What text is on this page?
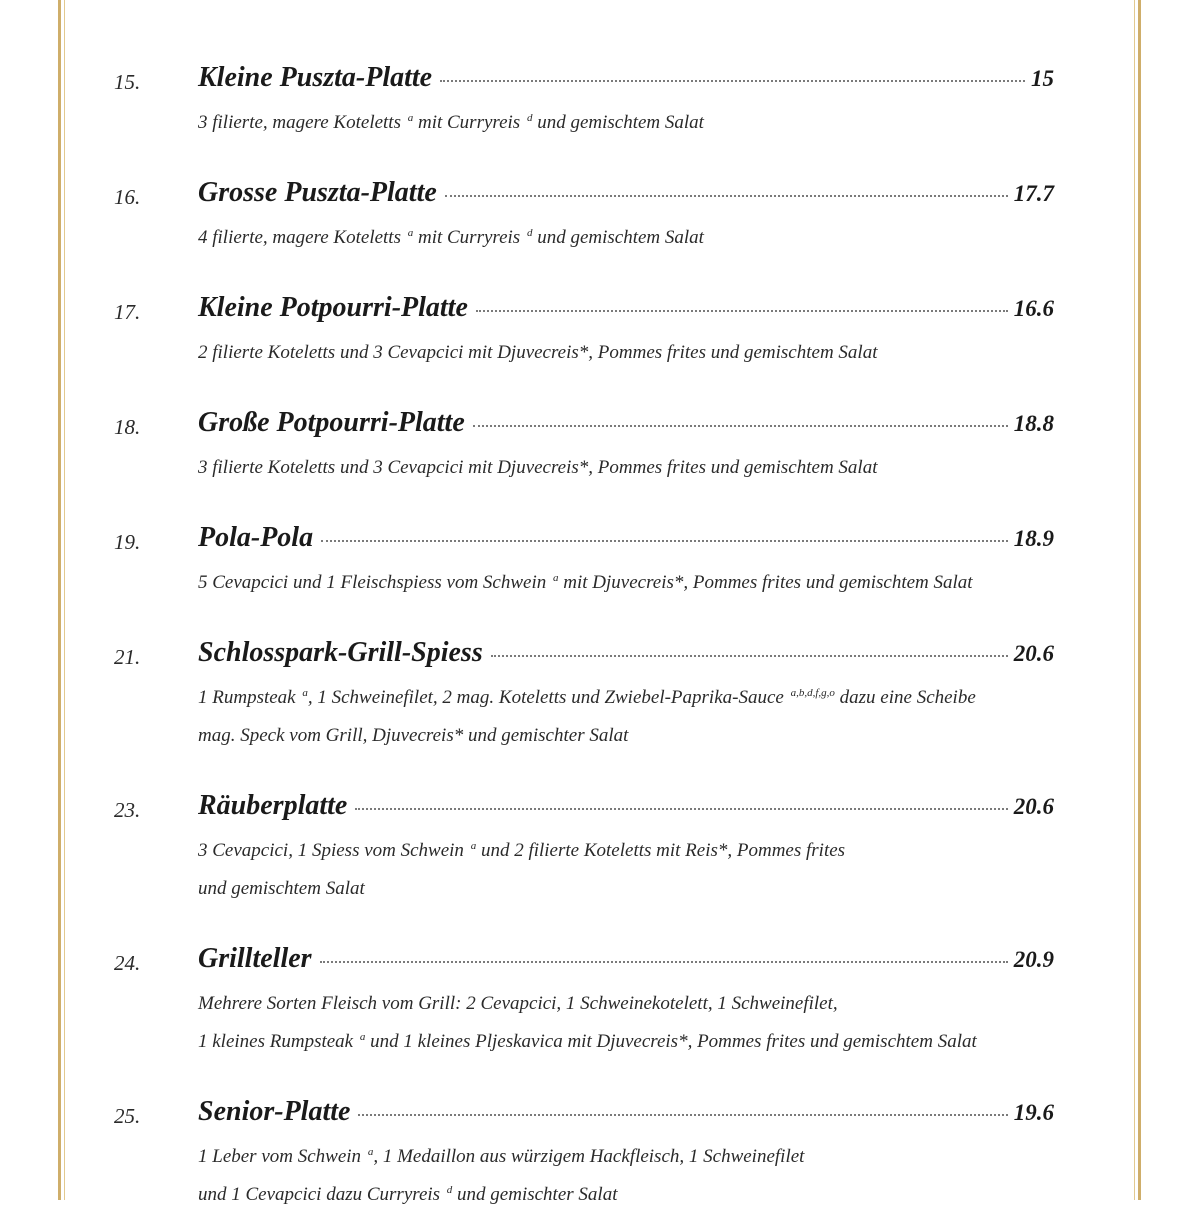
15. Kleine Puszta-Platte	15
3 filierte, magere Koteletts $^a$ mit Curryreis $^d$ und gemischtem Salat
16. Grosse Puszta-Platte	17.7
4 filierte, magere Koteletts $^a$ mit Curryreis $^d$ und gemischtem Salat
17. Kleine Potpourri-Platte	16.6
2 filierte Koteletts und 3 Cevapcici mit Djuvecreis*, Pommes frites und gemischtem Salat
18. Große Potpourri-Platte	18.8
3 filierte Koteletts und 3 Cevapcici mit Djuvecreis*, Pommes frites und gemischtem Salat
19. Pola-Pola	18.9
5 Cevapcici und 1 Fleischspiess vom Schwein $^a$ mit Djuvecreis*, Pommes frites und gemischtem Salat
21. Schlosspark-Grill-Spiess	20.6
1 Rumpsteak $^a$, 1 Schweinefilet, 2 mag. Koteletts und Zwiebel-Paprika-Sauce $^{a,b,d,f,g,o}$ dazu eine Scheibe
mag. Speck vom Grill, Djuvecreis* und gemischter Salat
23. Räuberplatte	20.6
3 Cevapcici, 1 Spiess vom Schwein $^a$ und 2 filierte Koteletts mit Reis*, Pommes frites
und gemischtem Salat
24. Grillteller	20.9
Mehrere Sorten Fleisch vom Grill: 2 Cevapcici, 1 Schweinekotelett, 1 Schweinefilet,
1 kleines Rumpsteak $^a$ und 1 kleines Pljeskavica mit Djuvecreis*, Pommes frites und gemischtem Salat
25. Senior-Platte	19.6
1 Leber vom Schwein $^a$, 1 Medaillon aus würzigem Hackfleisch, 1 Schweinefilet
und 1 Cevapcici dazu Curryreis $^d$ und gemischter Salat
